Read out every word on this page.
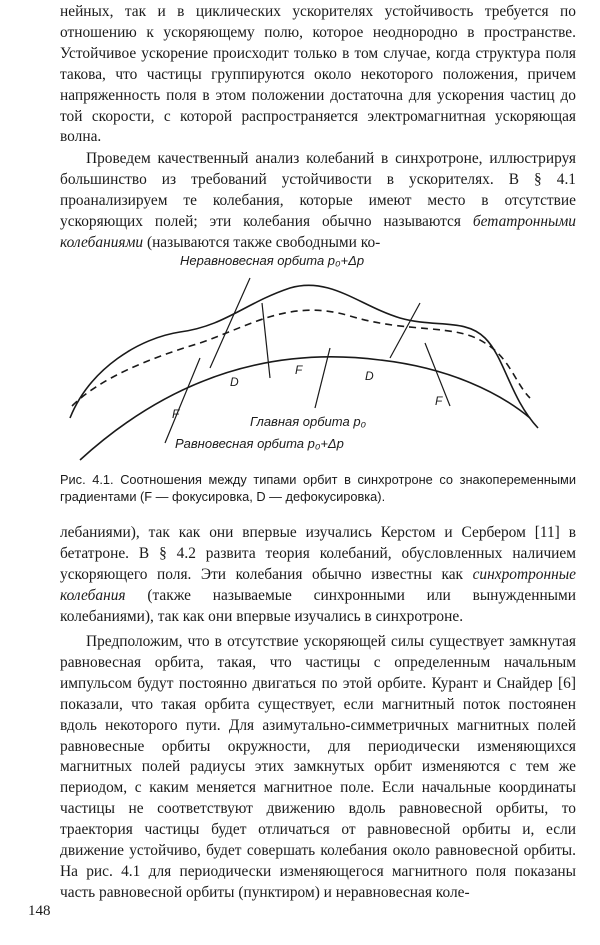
нейных, так и в циклических ускорителях устойчивость требуется по отношению к ускоряющему полю, которое неоднородно в пространстве. Устойчивое ускорение происходит только в том случае, когда структура поля такова, что частицы группируются около некоторого положения, причем напряженность поля в этом положении достаточна для ускорения частиц до той скорости, с которой распространяется электромагнитная ускоряющая волна.

Проведем качественный анализ колебаний в синхротроне, иллюстрируя большинство из требований устойчивости в ускорителях. В § 4.1 проанализируем те колебания, которые имеют место в отсутствие ускоряющих полей; эти колебания обычно называются бетатронными колебаниями (называются также свободными ко-

Неравновесная орбита p₀+Δp
Главная орбита p₀
Равновесная орбита p₀+Δp
F
D
F	D
F

Рис. 4.1. Соотношения между типами орбит в синхротроне со знакопеременными градиентами (F — фокусировка, D — дефокусировка).

лебаниями), так как они впервые изучались Керстом и Сербером [11] в бетатроне. В § 4.2 развита теория колебаний, обусловленных наличием ускоряющего поля. Эти колебания обычно известны как синхротронные колебания (также называемые синхронными или вынужденными колебаниями), так как они впервые изучались в синхротроне.

Предположим, что в отсутствие ускоряющей силы существует замкнутая равновесная орбита, такая, что частицы с определенным начальным импульсом будут постоянно двигаться по этой орбите. Курант и Снайдер [6] показали, что такая орбита существует, если магнитный поток постоянен вдоль некоторого пути. Для азимутально-симметричных магнитных полей равновесные орбиты окружности, для периодически изменяющихся магнитных полей радиусы этих замкнутых орбит изменяются с тем же периодом, с каким меняется магнитное поле. Если начальные координаты частицы не соответствуют движению вдоль равновесной орбиты, то траектория частицы будет отличаться от равновесной орбиты и, если движение устойчиво, будет совершать колебания около равновесной орбиты. На рис. 4.1 для периодически изменяющегося магнитного поля показаны часть равновесной орбиты (пунктиром) и неравновесная коле-

148
